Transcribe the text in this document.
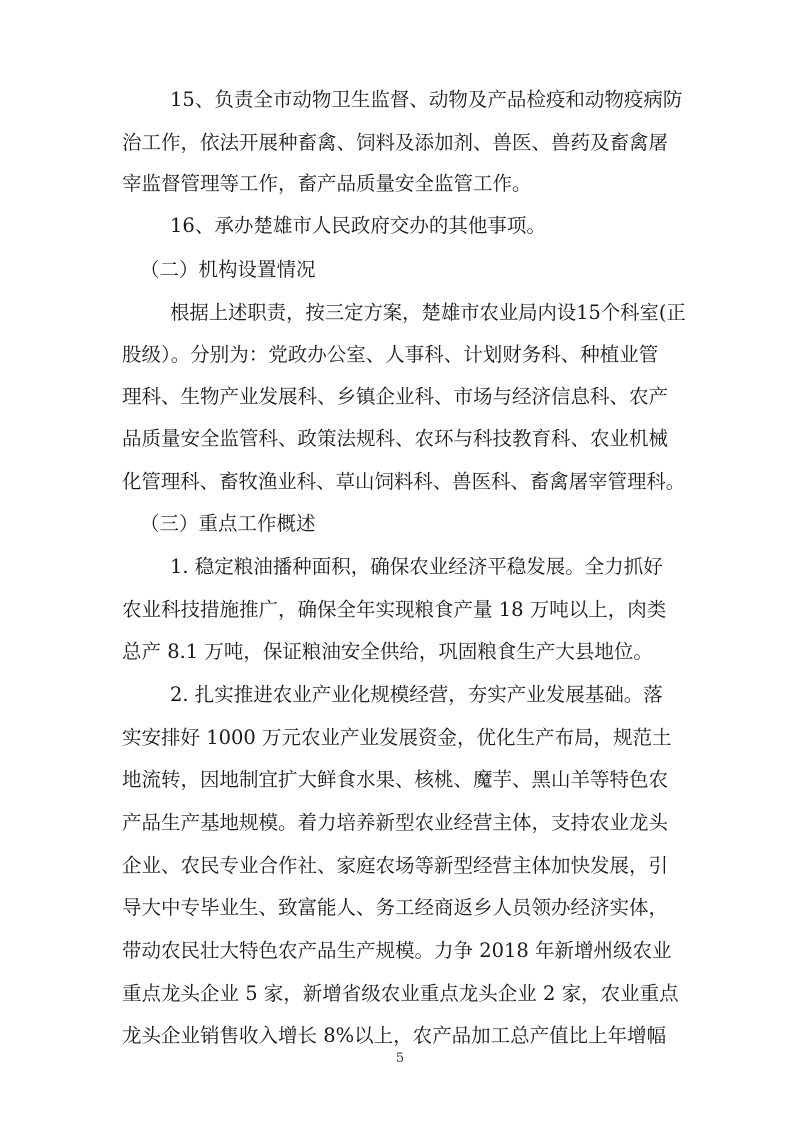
15、负责全市动物卫生监督、动物及产品检疫和动物疫病防
治工作，依法开展种畜禽、饲料及添加剂、兽医、兽药及畜禽屠
宰监督管理等工作，畜产品质量安全监管工作。
16、承办楚雄市人民政府交办的其他事项。
（二）机构设置情况
根据上述职责，按三定方案，楚雄市农业局内设15个科室(正
股级）。分别为：党政办公室、人事科、计划财务科、种植业管
理科、生物产业发展科、乡镇企业科、市场与经济信息科、农产
品质量安全监管科、政策法规科、农环与科技教育科、农业机械
化管理科、畜牧渔业科、草山饲料科、兽医科、畜禽屠宰管理科。
（三）重点工作概述
1. 稳定粮油播种面积，确保农业经济平稳发展。全力抓好
农业科技措施推广，确保全年实现粮食产量 18 万吨以上，肉类
总产 8.1 万吨，保证粮油安全供给，巩固粮食生产大县地位。
2. 扎实推进农业产业化规模经营，夯实产业发展基础。落
实安排好 1000 万元农业产业发展资金，优化生产布局，规范土
地流转，因地制宜扩大鲜食水果、核桃、魔芋、黑山羊等特色农
产品生产基地规模。着力培养新型农业经营主体，支持农业龙头
企业、农民专业合作社、家庭农场等新型经营主体加快发展，引
导大中专毕业生、致富能人、务工经商返乡人员领办经济实体，
带动农民壮大特色农产品生产规模。力争 2018 年新增州级农业
重点龙头企业 5 家，新增省级农业重点龙头企业 2 家，农业重点
龙头企业销售收入增长 8%以上，农产品加工总产值比上年增幅
5
